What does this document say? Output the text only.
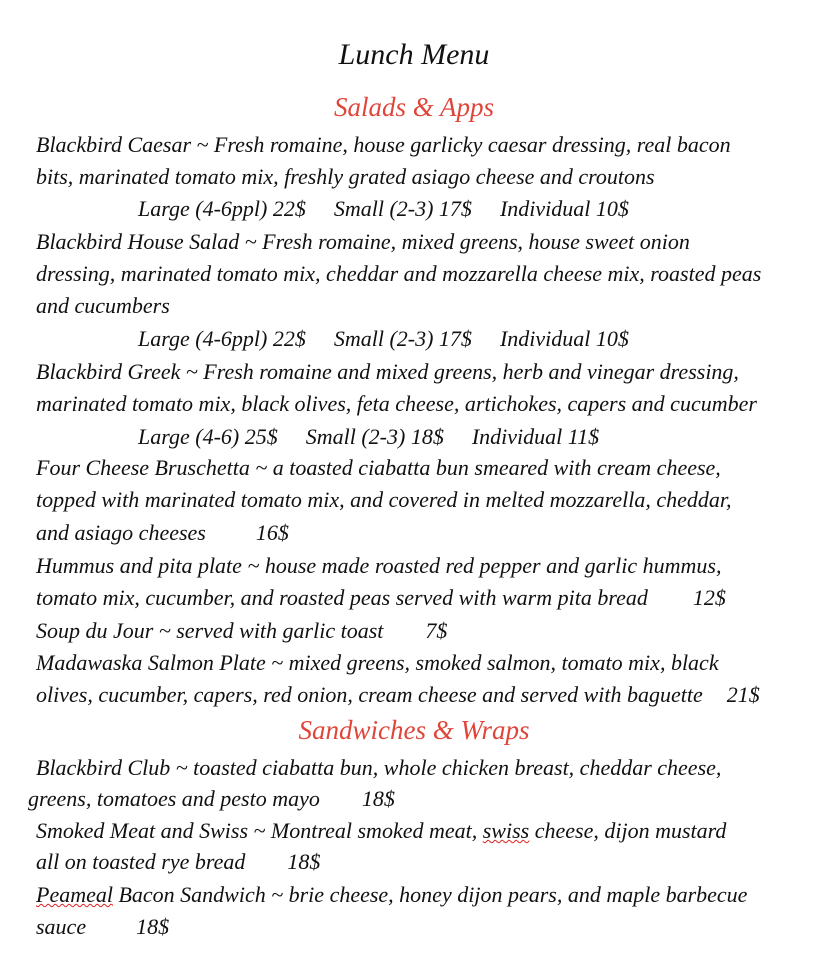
Lunch Menu
Salads & Apps
Blackbird Caesar ~ Fresh romaine, house garlicky caesar dressing, real bacon
bits, marinated tomato mix, freshly grated asiago cheese and croutons
Large (4-6ppl) 22$ Small (2-3) 17$ Individual 10$
Blackbird House Salad ~ Fresh romaine, mixed greens, house sweet onion
dressing, marinated tomato mix, cheddar and mozzarella cheese mix, roasted peas
and cucumbers
Large (4-6ppl) 22$ Small (2-3) 17$ Individual 10$
Blackbird Greek ~ Fresh romaine and mixed greens, herb and vinegar dressing,
marinated tomato mix, black olives, feta cheese, artichokes, capers and cucumber
Large (4-6) 25$ Small (2-3) 18$ Individual 11$
Four Cheese Bruschetta ~ a toasted ciabatta bun smeared with cream cheese,
topped with marinated tomato mix, and covered in melted mozzarella, cheddar,
and asiago cheeses 16$
Hummus and pita plate ~ house made roasted red pepper and garlic hummus,
tomato mix, cucumber, and roasted peas served with warm pita bread 12$
Soup du Jour ~ served with garlic toast 7$
Madawaska Salmon Plate ~ mixed greens, smoked salmon, tomato mix, black
olives, cucumber, capers, red onion, cream cheese and served with baguette 21$
Sandwiches & Wraps
Blackbird Club ~ toasted ciabatta bun, whole chicken breast, cheddar cheese,
greens, tomatoes and pesto mayo 18$
Smoked Meat and Swiss ~ Montreal smoked meat, swiss cheese, dijon mustard
all on toasted rye bread 18$
Peameal Bacon Sandwich ~ brie cheese, honey dijon pears, and maple barbecue
sauce 18$
